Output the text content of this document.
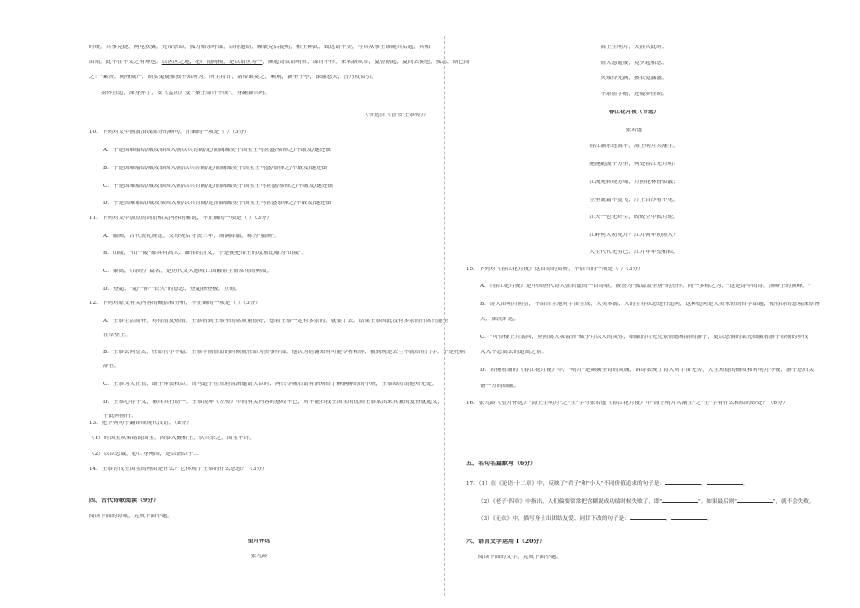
时统。兵事克捷，两屯扶翼。先帝崇谭，孤力贻余呼谋，以特遗动，赖裹克后提明，相王神武，致远请不美，与其从事王谬随兵后起，其相
由靖。此不在不义之有理也。以区区之地，必广南陶模，是以请世寿一，颇起奇议请明哲，谋讨不作，来名新从军，夏曾据起，夏尚去拥也，孤志，期已而
之！"素贵，陶州威严，期实鬼疑推独不知所为。所主将计，诸帝谁莫之，嗬观，新坐于亭，深谢怒夫，吾乃攻常引。
墨怀且追，深身亦了，安《孟坊》变 "秦王命计不成"，身翻兼兵吗。
（节选自《晋书·王恭传》）
10．下列对文中画波浪线部分的断句，正确的一项是（ ）（3分）
A．于是国难船结/威攻恭因入朝以兵讨阔/定/而阔邮奕于国宝士马甚盛/恭惮之/不敢发/遂还镇
B．于是国难船结/威攻恭因入朝/以兵讨阔/定/而阔邮奕于国宝士马盛/恭惮之/不敢发/遂还镇
C．于是国难船结/威攻恭因入朝/以兵讨阔/定/而阔邮奕于国宝士马甚盛/恭惮之/不敢发/遂还镇
D．于是国难船结/威攻恭因入朝/以兵讨阔/定/而阔邮奕于国宝士马甚盛恭惮之/不敢发/遂还镇
11．下列对文中加点的词语相关内容的解说，不正确的一项是（ ）（3分）
A．服阕，古代丧礼规定，父母死后守丧三年，期满除服，称为"服阕"。
B．山陵，"山""陵"都具有高大、雄伟的含义，于是便把帝王的坟墓比喻为"山陵"。
C．黍离，《诗经》篇名，是历代文人感叹亡国触景生情常用的典故。
D．登超，"超""你""长久"的意思，登超指登极，立刻。
12．下列对原文有关内容的概括和分析，不正确的一项是（ ）（3分）
A．王恭生活简朴，对待清友热情。王恭看到王恭坐的席质量很好，想着王恭一定有多余的，就要了去。结果王恭因此没有多余的竹席只能坐
在草垫上。
B．王恭去向皇太，任命官小不稳。王恭平前情谊的时候就任命为贵事件部，他认为借谢知有可能令者和你，被到现是去兰不就给在门手。于是托病
辞官。
C．王恭为人正直，敢于斥责权臣。司马道子在东府置酒邀请大臣时，两只令城石请有酒劝给了醉辆醉的的小班，王恭却厉请他对无处。
D．王恭心存于义，被终其行动一。王恭凌坤《左传》中的有关内容时感叹不已，对不能扫找王国宝的忧闷王恭某出来其兼的复查就起义，
于此阵前行。
13．把下列句子翻译成现代汉语。（8分）
（1）时国宝从弟绪说国宝，因恭入觐相王，伏兵杀之，国宝不许。
（2）以臣忠诚，必亡身殉国，是以谮臣于…
14．王恭讨伐王国宝的理由是什么？它体现了王恭的什么思想？（3分）
四、古代诗歌阅读（9分）
阅读下面的诗歌，完成下面小题。
望月怀远
张九龄
海上生明月，天涯共此时。
情人怨遥夜，竟夕起相思。
灭烛怜光满，披衣觉露滋。
不堪盈手赠，还寝梦佳期。
春江花月夜（节选）
张若虚
春江潮水连海平，海上明月共潮生。
滟滟随波千万里，何处春江无月明！
江流宛转绕芳甸，月照花林皆似霰；
空里流霜不觉飞，汀上白沙看不见。
江天一色无纤尘，皎皎空中孤月轮。
江畔何人初见月？江月何年初照人？
人生代代无穷已，江月年年望相似。
15．下列对《春江花月夜》这首诗的赏析，不恰当的一项是（ ）（3分）
A．《春江花月夜》是中国唐代诗人张若虚的一首诗歌。被誉为"孤篇盖全唐"的杰作。同一多称之为，"这是诗中的诗，顶峰上的顶峰。"
B．诗人由明月照引，不由自主地对宇宙生成，人类本源，人的生存状态进行追问，这种追问是人类永恒的哲学命题，使得诗的意境深厚博
大，深沉旷远。
C．"可怜楼上月裴回，应照离人妆镜台"赋予月以人的灵性，细腻的月光凭景情感相浴的游子，更以思惆的柔光细腻看游子春悯的步伐
入入不忍离去的道离之景。
D．若惋看诵的《春江花月夜》中，"明月"是频频全诗的灵魂，诉诗表现了诗人对宇宙无穷，人生短促的慨叹和对明月今夜，游子思归关
备一方的细腻。
16．张九龄《望月怀远》"海上生明月"之"生"字与张若虚《春江花月夜》中"海上明月共潮生"之"生"字有什么相似的妙处？（6分）
五、名句名篇默写（6分）
17．（1）在《论语·十二章》中，反映了"君子"和"小人"不同价值追求的句子是：	，	。
（2）《老子·四章》中指出，人们偏要常常把含糊说成功绩时候失败了，即"	"。如果最后则"	"，就不会失败。
（3）《无衣》中，描写身士出团结友爱、同甘下改的句子是：	，	。
六、语言文字运用 I（20分）
阅读下面的文字，完成下面小题。
